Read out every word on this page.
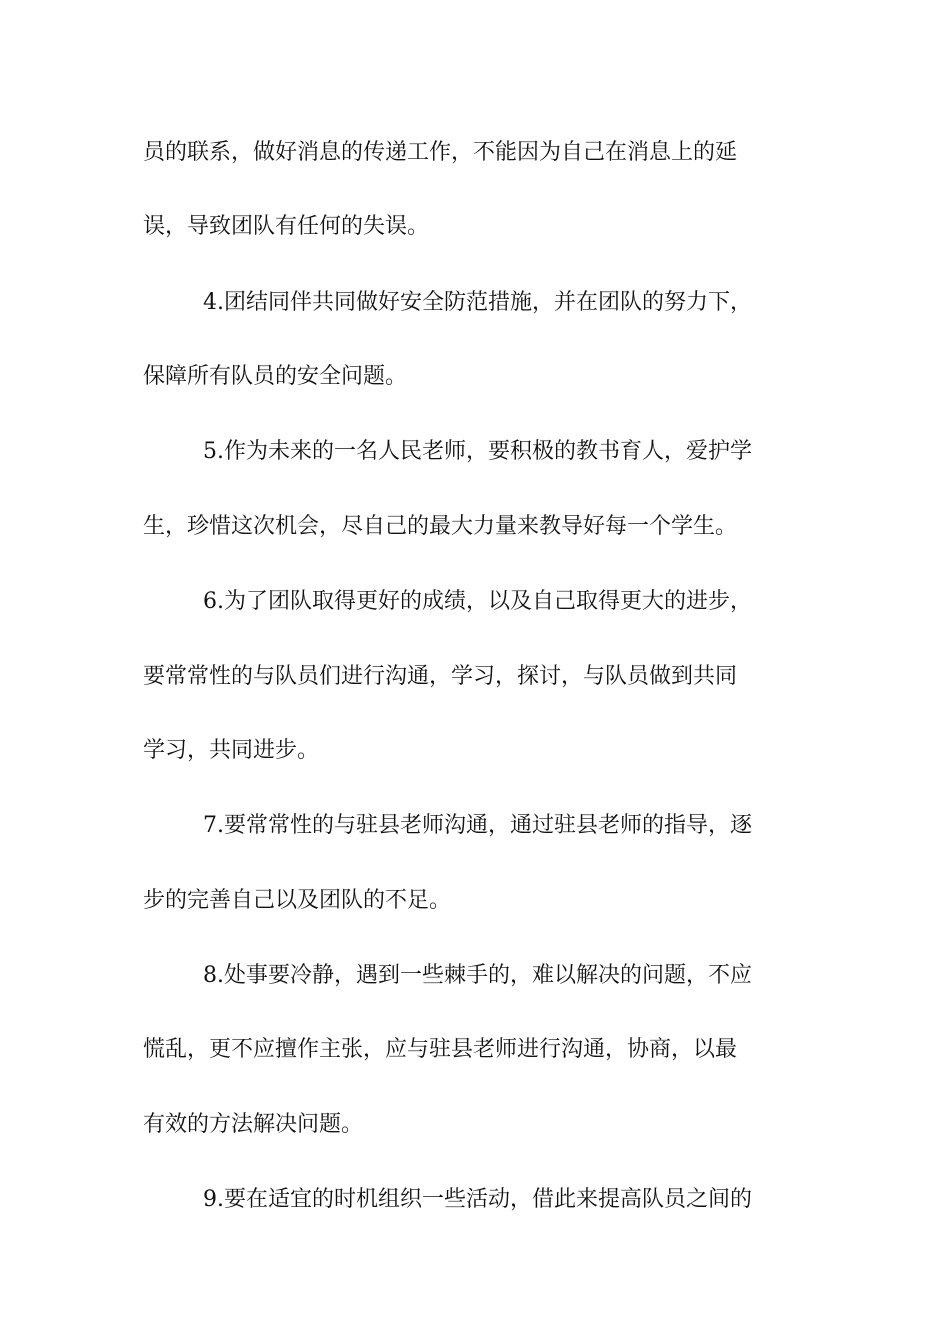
员的联系，做好消息的传递工作，不能因为自己在消息上的延
误，导致团队有任何的失误。
4.团结同伴共同做好安全防范措施，并在团队的努力下，
保障所有队员的安全问题。
5.作为未来的一名人民老师，要积极的教书育人，爱护学
生，珍惜这次机会，尽自己的最大力量来教导好每一个学生。
6.为了团队取得更好的成绩，以及自己取得更大的进步，
要常常性的与队员们进行沟通，学习，探讨，与队员做到共同
学习，共同进步。
7.要常常性的与驻县老师沟通，通过驻县老师的指导，逐
步的完善自己以及团队的不足。
8.处事要冷静，遇到一些棘手的，难以解决的问题，不应
慌乱，更不应擅作主张，应与驻县老师进行沟通，协商，以最
有效的方法解决问题。
9.要在适宜的时机组织一些活动，借此来提高队员之间的
